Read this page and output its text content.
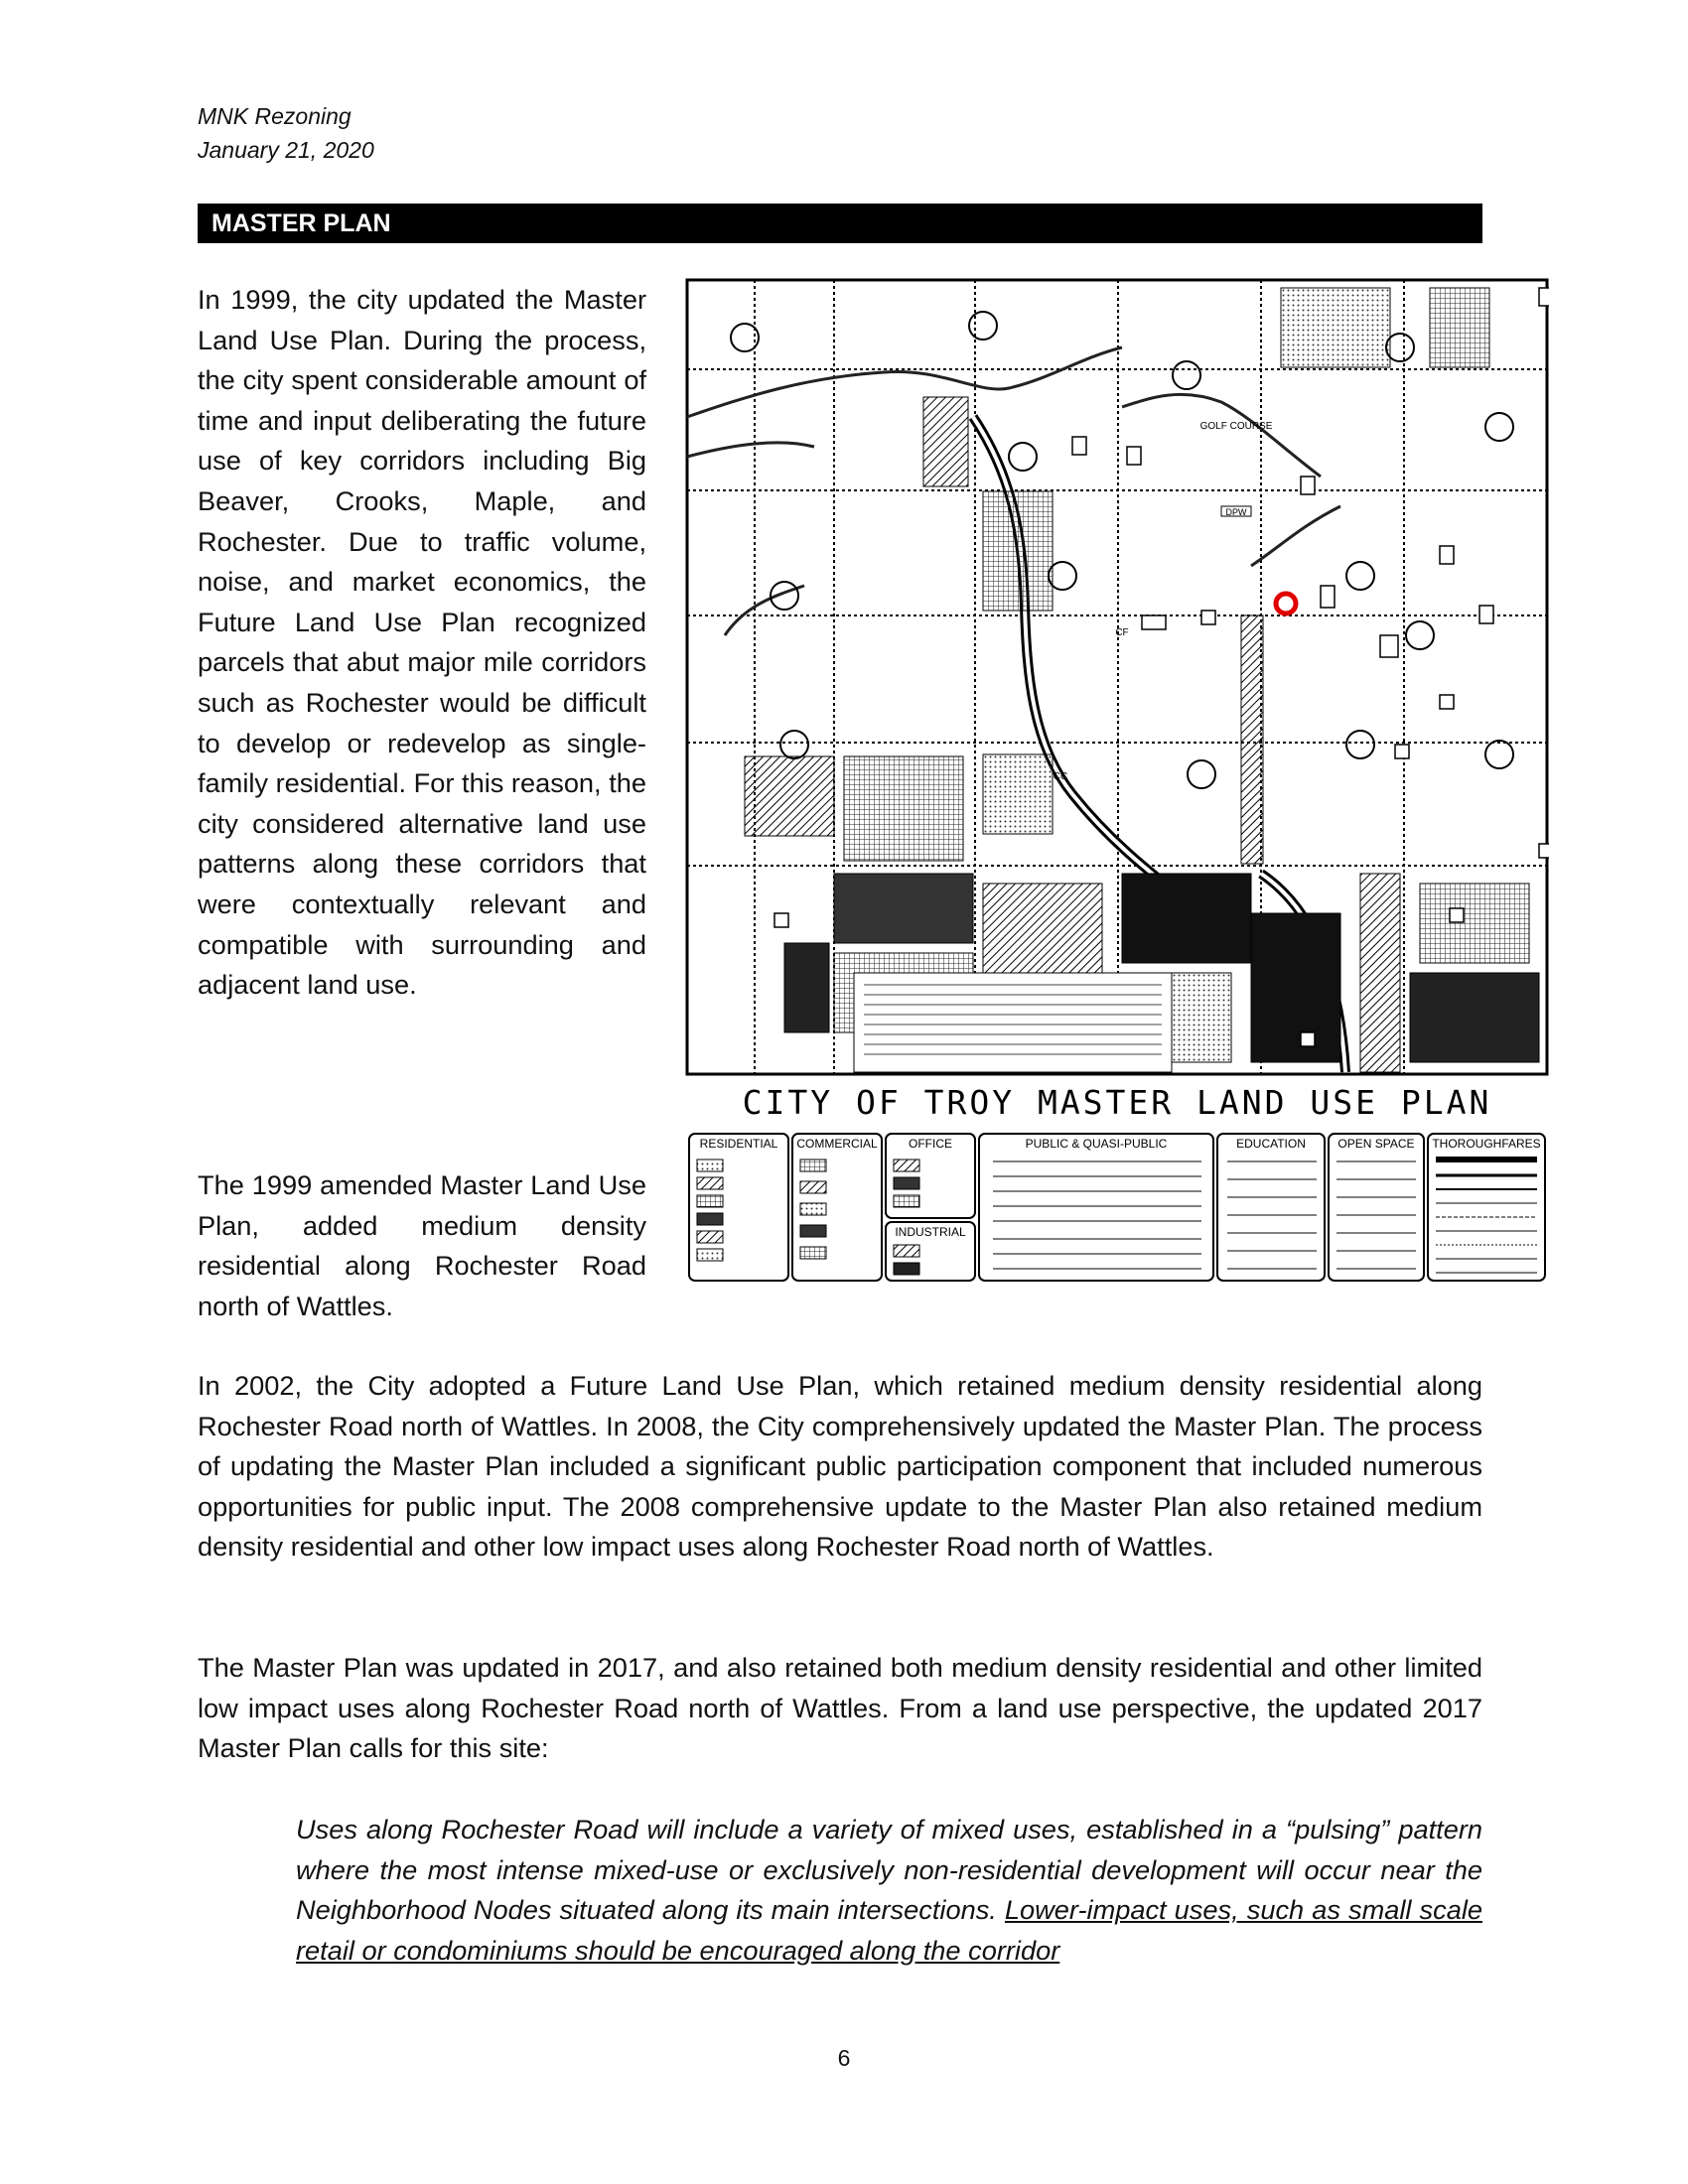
MNK Rezoning
January 21, 2020
MASTER PLAN

In 1999, the city updated the Master Land Use Plan. During the process, the city spent considerable amount of time and input deliberating the future use of key corridors including Big Beaver, Crooks, Maple, and Rochester. Due to traffic volume, noise, and market economics, the Future Land Use Plan recognized parcels that abut major mile corridors such as Rochester would be difficult to develop or redevelop as single-family residential. For this reason, the city considered alternative land use patterns along these corridors that were contextually relevant and compatible with surrounding and adjacent land use.

The 1999 amended Master Land Use Plan, added medium density residential along Rochester Road north of Wattles.

GOLF COURSE
DPW
CC
CF
CITY OF TROY MASTER LAND USE PLAN
RESIDENTIAL COMMERCIAL	OFFICE
INDUSTRIAL
PUBLIC & QUASI-PUBLIC	EDUCATION	OPEN SPACE THOROUGHFARES

In 2002, the City adopted a Future Land Use Plan, which retained medium density residential along Rochester Road north of Wattles. In 2008, the City comprehensively updated the Master Plan. The process of updating the Master Plan included a significant public participation component that included numerous opportunities for public input. The 2008 comprehensive update to the Master Plan also retained medium density residential and other low impact uses along Rochester Road north of Wattles.

The Master Plan was updated in 2017, and also retained both medium density residential and other limited low impact uses along Rochester Road north of Wattles. From a land use perspective, the updated 2017 Master Plan calls for this site:

Uses along Rochester Road will include a variety of mixed uses, established in a “pulsing” pattern where the most intense mixed-use or exclusively non-residential development will occur near the Neighborhood Nodes situated along its main intersections. Lower-impact uses, such as small scale retail or condominiums should be encouraged along the corridor

6
